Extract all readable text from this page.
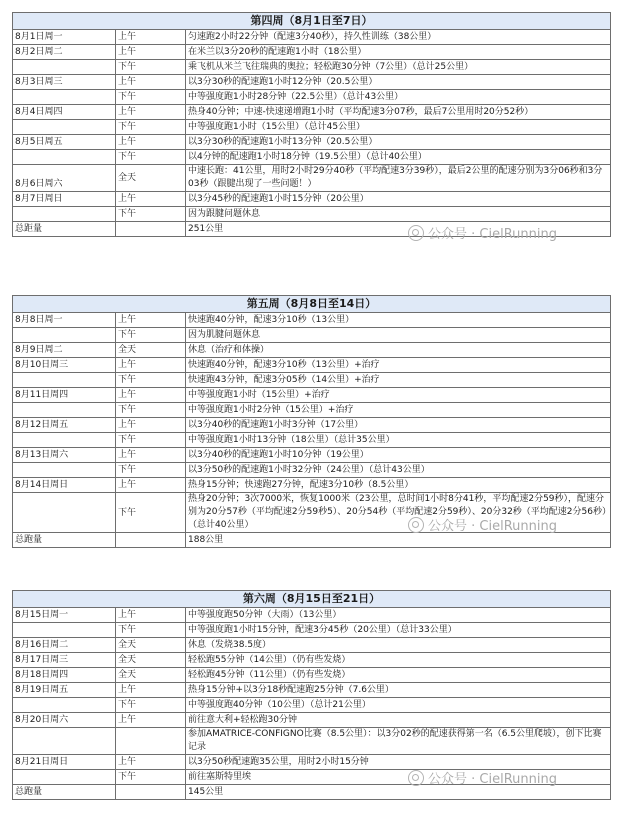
第四周（8月1日至7日）		
8月1日周一	上午	匀速跑2小时22分钟（配速3分40秒），持久性训练（38公里）
8月2日周二	上午	在米兰以3分20秒的配速跑1小时（18公里）
	下午	乘飞机从米兰飞往瑞典的奥拉；轻松跑30分钟（7公里）（总计25公里）
8月3日周三	上午	以3分30秒的配速跑1小时12分钟（20.5公里）
	下午	中等强度跑1小时28分钟（22.5公里）（总计43公里）
8月4日周四	上午	热身40分钟；中速-快速递增跑1小时（平均配速3分07秒，最后7公里用时20分52秒）
	下午	中等强度跑1小时（15公里）（总计45公里）
8月5日周五	上午	以3分30秒的配速跑1小时13分钟（20.5公里）
	下午	以4分钟的配速跑1小时18分钟（19.5公里）（总计40公里）
8月6日周六	全天	中速长跑：41公里，用时2小时29分40秒（平均配速3分39秒），最后2公里的配速分别为3分06秒和3分03秒（跟腱出现了一些问题！）
8月7日周日	上午	以3分45秒的配速跑1小时15分钟（20公里）
	下午	因为跟腱问题休息
总距量		251公里
第五周（8月8日至14日）		
8月8日周一	上午	快速跑40分钟，配速3分10秒（13公里）
	下午	因为肌腱问题休息
8月9日周二	全天	休息（治疗和体操）
8月10日周三	上午	快速跑40分钟，配速3分10秒（13公里）+治疗
	下午	快速跑43分钟，配速3分05秒（14公里）+治疗
8月11日周四	上午	中等强度跑1小时（15公里）+治疗
	下午	中等强度跑1小时2分钟（15公里）+治疗
8月12日周五	上午	以3分40秒的配速跑1小时3分钟（17公里）
	下午	中等强度跑1小时13分钟（18公里）（总计35公里）
8月13日周六	上午	以3分40秒的配速跑1小时10分钟（19公里）
	下午	以3分50秒的配速跑1小时32分钟（24公里）（总计43公里）
8月14日周日	上午	热身15分钟；快速跑27分钟，配速3分10秒（8.5公里）
	下午	热身20分钟；3次7000米，恢复1000米（23公里，总时间1小时8分41秒，平均配速2分59秒），配速分别为20分57秒（平均配速2分59秒5）、20分54秒（平均配速2分59秒）、20分32秒（平均配速2分56秒）（总计40公里）
总跑量		188公里
第六周（8月15日至21日）		
8月15日周一	上午	中等强度跑50分钟（大雨）（13公里）
	下午	中等强度跑1小时15分钟，配速3分45秒（20公里）（总计33公里）
8月16日周二	全天	休息（发烧38.5度）
8月17日周三	全天	轻松跑55分钟（14公里）（仍有些发烧）
8月18日周四	全天	轻松跑45分钟（11公里）（仍有些发烧）
8月19日周五	上午	热身15分钟+以3分18秒配速跑25分钟（7.6公里）
	下午	中等强度跑40分钟（10公里）（总计21公里）
8月20日周六	上午	前往意大利+轻松跑30分钟
		参加AMATRICE-CONFIGNO比赛（8.5公里）：以3分02秒的配速获得第一名（6.5公里爬坡），创下比赛记录
8月21日周日	上午	以3分50秒配速跑35公里，用时2小时15分钟
	下午	前往塞斯特里埃
总跑量		145公里
公众号 · CielRunning
公众号 · CielRunning
公众号 · CielRunning
